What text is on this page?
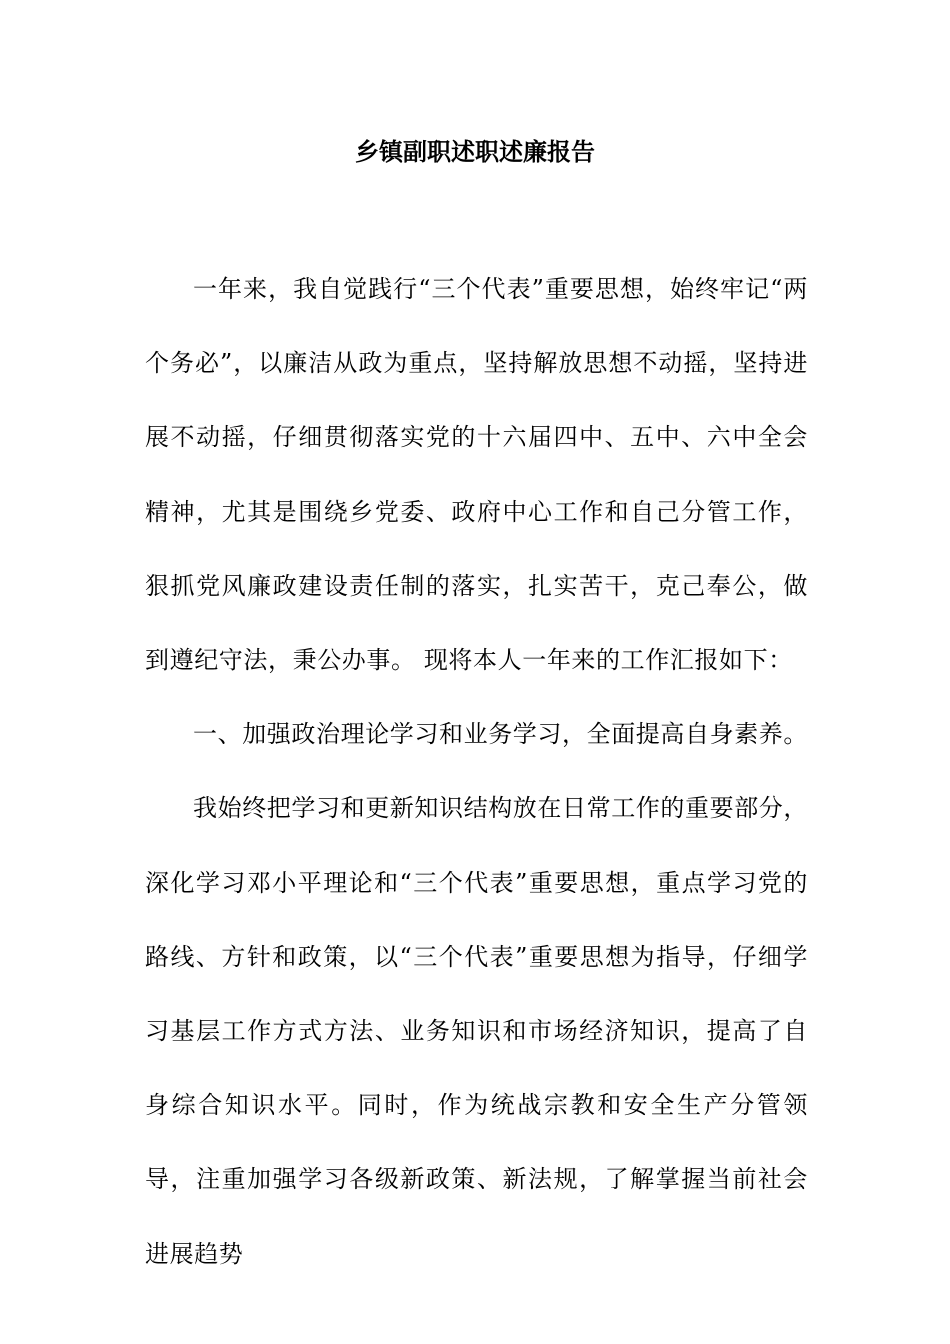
乡镇副职述职述廉报告

一年来，我自觉践行“三个代表”重要思想，始终牢记“两个务必”，以廉洁从政为重点，坚持解放思想不动摇，坚持进展不动摇，仔细贯彻落实党的十六届四中、五中、六中全会精神，尤其是围绕乡党委、政府中心工作和自己分管工作，狠抓党风廉政建设责任制的落实，扎实苦干，克己奉公，做到遵纪守法，秉公办事。 现将本人一年来的工作汇报如下：

一、加强政治理论学习和业务学习，全面提高自身素养。

我始终把学习和更新知识结构放在日常工作的重要部分，深化学习邓小平理论和“三个代表”重要思想，重点学习党的路线、方针和政策，以“三个代表”重要思想为指导，仔细学习基层工作方式方法、业务知识和市场经济知识，提高了自身综合知识水平。同时，作为统战宗教和安全生产分管领导，注重加强学习各级新政策、新法规，了解掌握当前社会进展趋势
